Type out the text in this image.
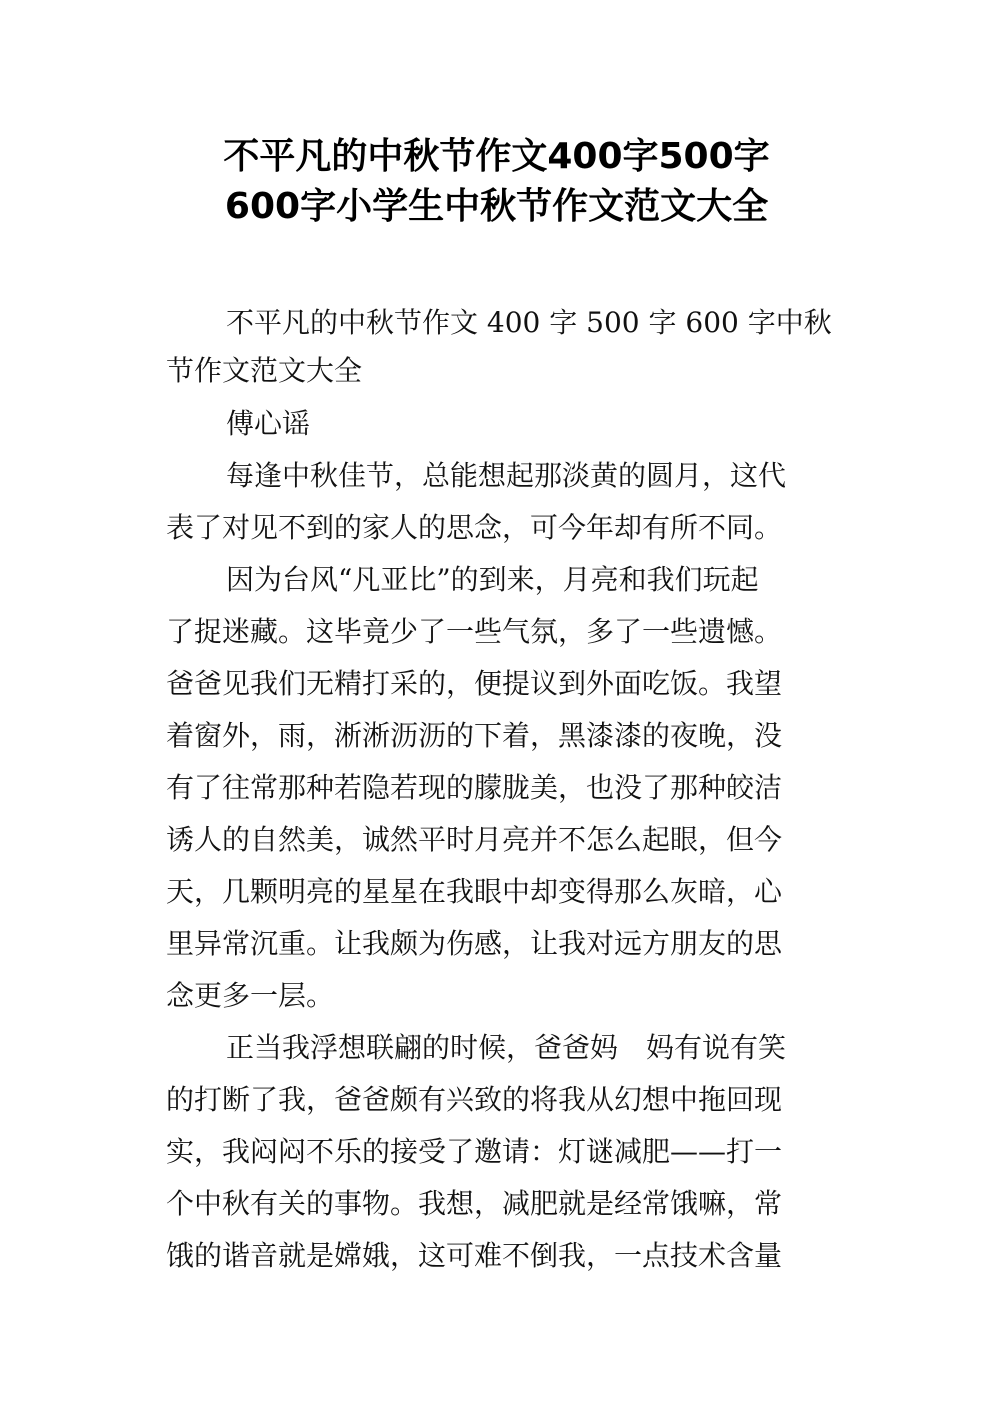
不平凡的中秋节作文400字500字
600字小学生中秋节作文范文大全
不平凡的中秋节作文 400 字 500 字 600 字中秋
节作文范文大全
傅心谣
每逢中秋佳节，总能想起那淡黄的圆月，这代
表了对见不到的家人的思念，可今年却有所不同。
因为台风“凡亚比”的到来，月亮和我们玩起
了捉迷藏。这毕竟少了一些气氛，多了一些遗憾。
爸爸见我们无精打采的，便提议到外面吃饭。我望
着窗外，雨，淅淅沥沥的下着，黑漆漆的夜晚，没
有了往常那种若隐若现的朦胧美，也没了那种皎洁
诱人的自然美，诚然平时月亮并不怎么起眼，但今
天，几颗明亮的星星在我眼中却变得那么灰暗，心
里异常沉重。让我颇为伤感，让我对远方朋友的思
念更多一层。
正当我浮想联翩的时候，爸爸妈　妈有说有笑
的打断了我，爸爸颇有兴致的将我从幻想中拖回现
实，我闷闷不乐的接受了邀请：灯谜减肥——打一
个中秋有关的事物。我想，减肥就是经常饿嘛，常
饿的谐音就是嫦娥，这可难不倒我，一点技术含量
